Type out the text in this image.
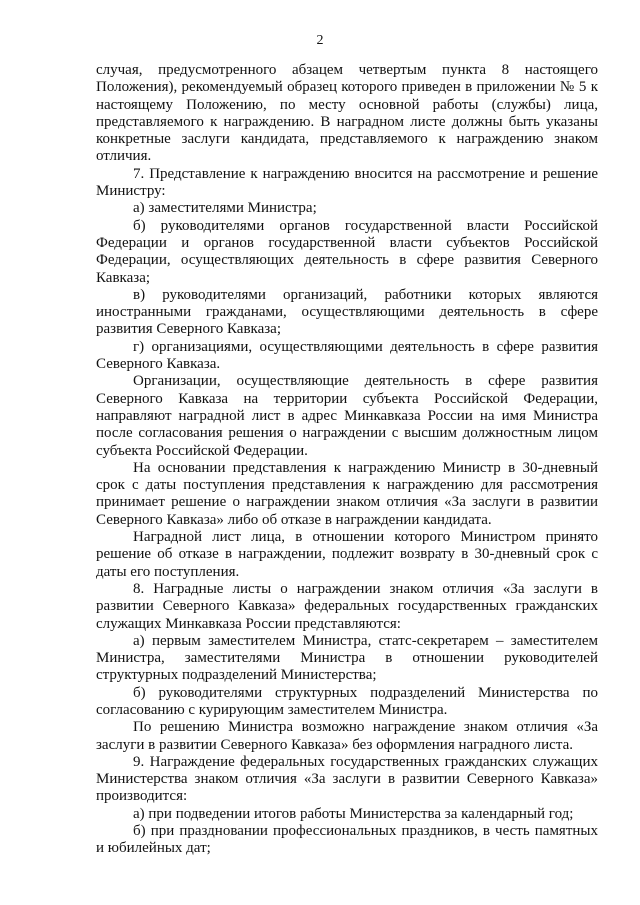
2

случая, предусмотренного абзацем четвертым пункта 8 настоящего Положения), рекомендуемый образец которого приведен в приложении № 5 к настоящему Положению, по месту основной работы (службы) лица, представляемого к награждению. В наградном листе должны быть указаны конкретные заслуги кандидата, представляемого к награждению знаком отличия.

7. Представление к награждению вносится на рассмотрение и решение Министру:

а) заместителями Министра;

б) руководителями органов государственной власти Российской Федерации и органов государственной власти субъектов Российской Федерации, осуществляющих деятельность в сфере развития Северного Кавказа;

в) руководителями организаций, работники которых являются иностранными гражданами, осуществляющими деятельность в сфере развития Северного Кавказа;

г) организациями, осуществляющими деятельность в сфере развития Северного Кавказа.

Организации, осуществляющие деятельность в сфере развития Северного Кавказа на территории субъекта Российской Федерации, направляют наградной лист в адрес Минкавказа России на имя Министра после согласования решения о награждении с высшим должностным лицом субъекта Российской Федерации.

На основании представления к награждению Министр в 30-дневный срок с даты поступления представления к награждению для рассмотрения принимает решение о награждении знаком отличия «За заслуги в развитии Северного Кавказа» либо об отказе в награждении кандидата.

Наградной лист лица, в отношении которого Министром принято решение об отказе в награждении, подлежит возврату в 30-дневный срок с даты его поступления.

8. Наградные листы о награждении знаком отличия «За заслуги в развитии Северного Кавказа» федеральных государственных гражданских служащих Минкавказа России представляются:

а) первым заместителем Министра, статс-секретарем – заместителем Министра, заместителями Министра в отношении руководителей структурных подразделений Министерства;

б) руководителями структурных подразделений Министерства по согласованию с курирующим заместителем Министра.

По решению Министра возможно награждение знаком отличия «За заслуги в развитии Северного Кавказа» без оформления наградного листа.

9. Награждение федеральных государственных гражданских служащих Министерства знаком отличия «За заслуги в развитии Северного Кавказа» производится:

а) при подведении итогов работы Министерства за календарный год;

б) при праздновании профессиональных праздников, в честь памятных и юбилейных дат;
